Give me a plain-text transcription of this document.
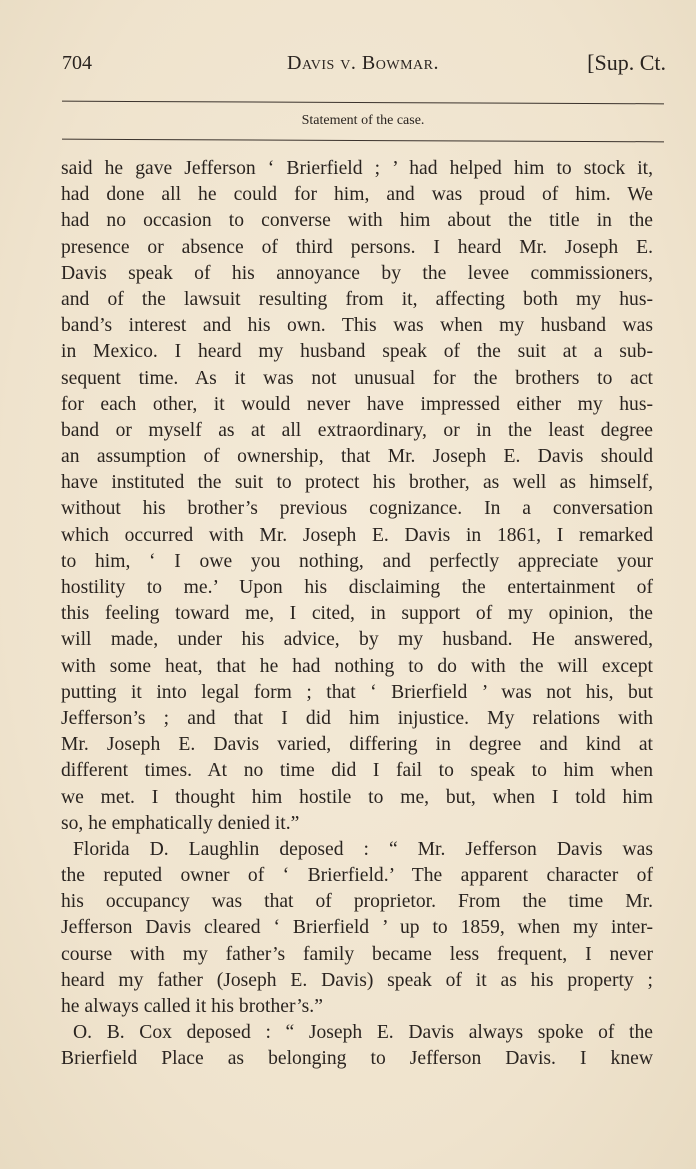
704	Davis v. Bowmar.	[Sup. Ct.
Statement of the case.
said he gave Jefferson ‘ Brierfield ; ’ had helped him to stock it,
had done all he could for him, and was proud of him. We
had no occasion to converse with him about the title in the
presence or absence of third persons. I heard Mr. Joseph E.
Davis speak of his annoyance by the levee commissioners,
and of the lawsuit resulting from it, affecting both my hus-
band’s interest and his own. This was when my husband was
in Mexico. I heard my husband speak of the suit at a sub-
sequent time. As it was not unusual for the brothers to act
for each other, it would never have impressed either my hus-
band or myself as at all extraordinary, or in the least degree
an assumption of ownership, that Mr. Joseph E. Davis should
have instituted the suit to protect his brother, as well as himself,
without his brother’s previous cognizance. In a conversation
which occurred with Mr. Joseph E. Davis in 1861, I remarked
to him, ‘ I owe you nothing, and perfectly appreciate your
hostility to me.’ Upon his disclaiming the entertainment of
this feeling toward me, I cited, in support of my opinion, the
will made, under his advice, by my husband. He answered,
with some heat, that he had nothing to do with the will except
putting it into legal form ; that ‘ Brierfield ’ was not his, but
Jefferson’s ; and that I did him injustice. My relations with
Mr. Joseph E. Davis varied, differing in degree and kind at
different times. At no time did I fail to speak to him when
we met. I thought him hostile to me, but, when I told him
so, he emphatically denied it.”
Florida D. Laughlin deposed : “ Mr. Jefferson Davis was
the reputed owner of ‘ Brierfield.’ The apparent character of
his occupancy was that of proprietor. From the time Mr.
Jefferson Davis cleared ‘ Brierfield ’ up to 1859, when my inter-
course with my father’s family became less frequent, I never
heard my father (Joseph E. Davis) speak of it as his property ;
he always called it his brother’s.”
O. B. Cox deposed : “ Joseph E. Davis always spoke of the
Brierfield Place as belonging to Jefferson Davis. I knew
